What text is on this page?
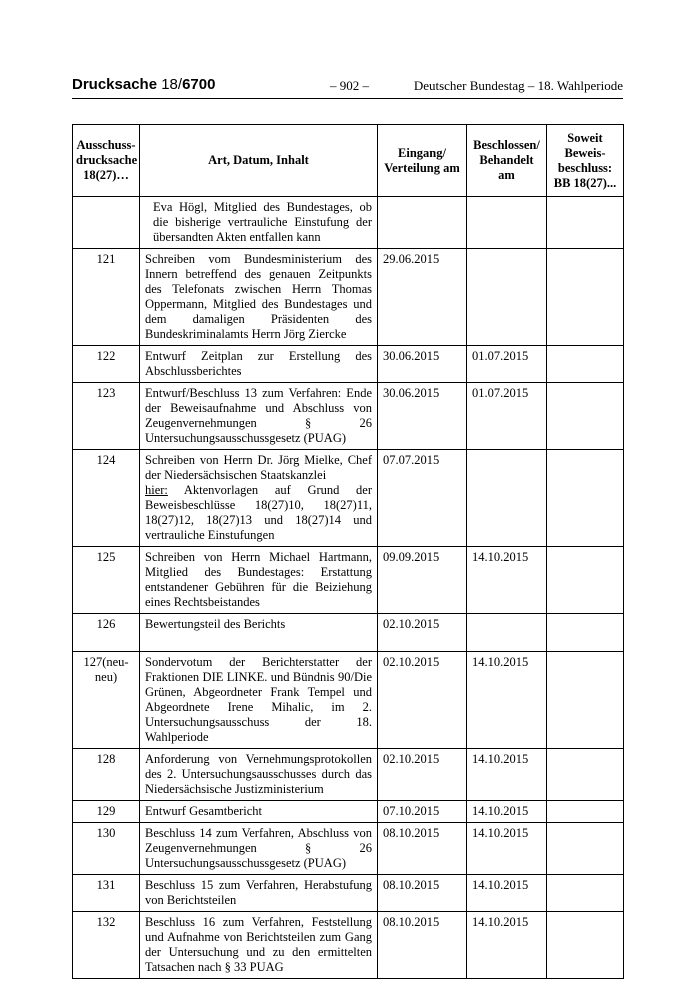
Drucksache 18/6700	– 902 –	Deutscher Bundestag – 18. Wahlperiode
Ausschuss-drucksache 18(27)…	Art, Datum, Inhalt	Eingang/ Verteilung am	Beschlossen/ Behandelt am	Soweit Beweis-beschluss: BB 18(27)...

	Eva Högl, Mitglied des Bundestages, ob die bisherige vertrauliche Einstufung der übersandten Akten entfallen kann			

121	Schreiben vom Bundesministerium des Innern betreffend des genauen Zeitpunkts des Telefonats zwischen Herrn Thomas Oppermann, Mitglied des Bundestages und dem damaligen Präsidenten des Bundeskriminalamts Herrn Jörg Ziercke	29.06.2015		
122	Entwurf Zeitplan zur Erstellung des Abschlussberichtes	30.06.2015	01.07.2015	
123	Entwurf/Beschluss 13 zum Verfahren: Ende der Beweisaufnahme und Abschluss von Zeugenvernehmungen § 26 Untersuchungsausschussgesetz (PUAG)	30.06.2015	01.07.2015	
124	Schreiben von Herrn Dr. Jörg Mielke, Chef der Niedersächsischen Staatskanzlei
hier: Aktenvorlagen auf Grund der Beweisbeschlüsse 18(27)10, 18(27)11, 18(27)12, 18(27)13 und 18(27)14 und vertrauliche Einstufungen	07.07.2015		
125	Schreiben von Herrn Michael Hartmann, Mitglied des Bundestages: Erstattung entstandener Gebühren für die Beiziehung eines Rechtsbeistandes	09.09.2015	14.10.2015	
126	Bewertungsteil des Berichts	02.10.2015		
127(neu-neu)	Sondervotum der Berichterstatter der Fraktionen DIE LINKE. und Bündnis 90/Die Grünen, Abgeordneter Frank Tempel und Abgeordnete Irene Mihalic, im 2. Untersuchungsausschuss der 18. Wahlperiode	02.10.2015	14.10.2015	
128	Anforderung von Vernehmungsprotokollen des 2. Untersuchungsausschusses durch das Niedersächsische Justizministerium	02.10.2015	14.10.2015	
129	Entwurf Gesamtbericht	07.10.2015	14.10.2015	
130	Beschluss 14 zum Verfahren, Abschluss von Zeugenvernehmungen § 26 Untersuchungsausschussgesetz (PUAG)	08.10.2015	14.10.2015	
131	Beschluss 15 zum Verfahren, Herabstufung von Berichtsteilen	08.10.2015	14.10.2015	
132	Beschluss 16 zum Verfahren, Feststellung und Aufnahme von Berichtsteilen zum Gang der Untersuchung und zu den ermittelten Tatsachen nach § 33 PUAG	08.10.2015	14.10.2015	
